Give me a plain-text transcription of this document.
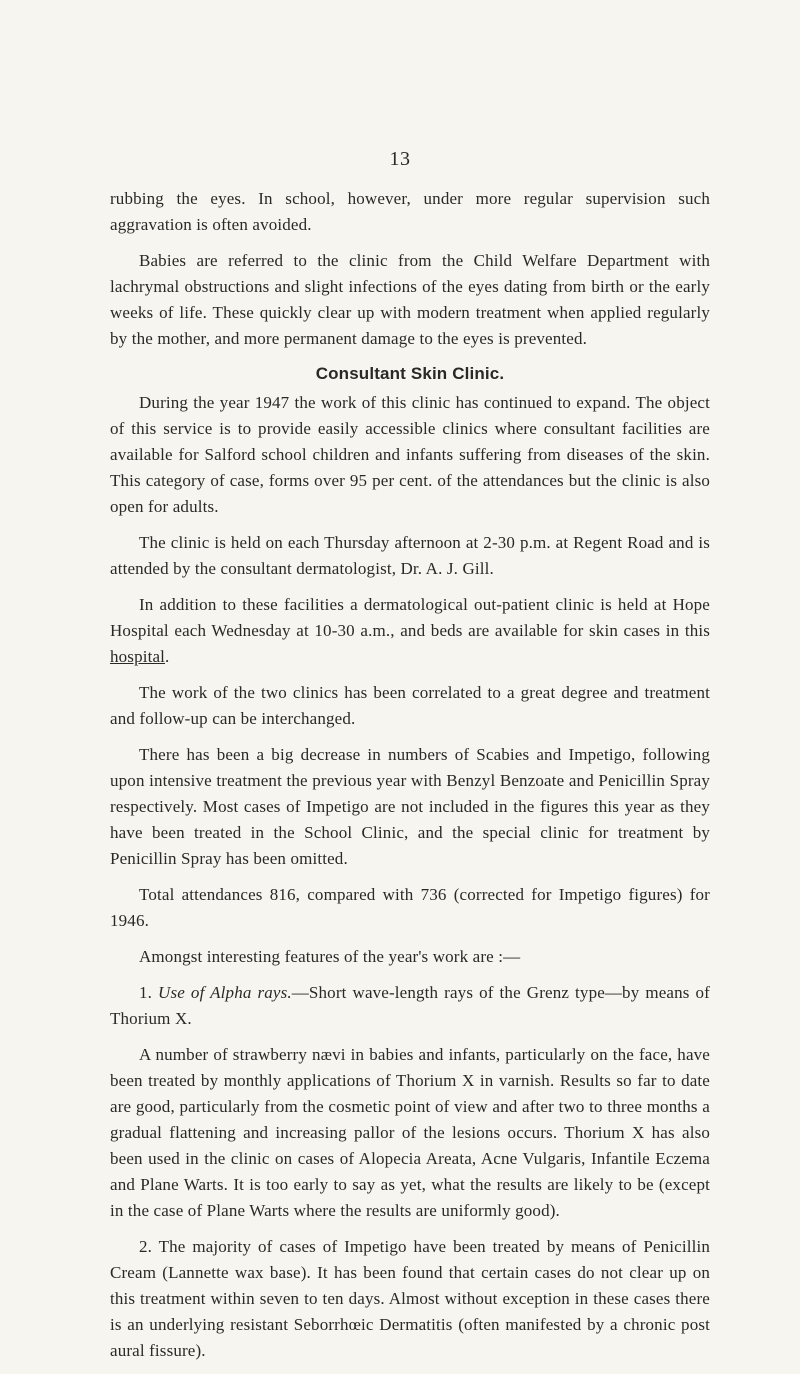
13

rubbing the eyes. In school, however, under more regular supervision such aggravation is often avoided.

Babies are referred to the clinic from the Child Welfare Department with lachrymal obstructions and slight infections of the eyes dating from birth or the early weeks of life. These quickly clear up with modern treatment when applied regularly by the mother, and more permanent damage to the eyes is prevented.

Consultant Skin Clinic.

During the year 1947 the work of this clinic has continued to expand. The object of this service is to provide easily accessible clinics where consultant facilities are available for Salford school children and infants suffering from diseases of the skin. This category of case, forms over 95 per cent. of the attendances but the clinic is also open for adults.

The clinic is held on each Thursday afternoon at 2-30 p.m. at Regent Road and is attended by the consultant dermatologist, Dr. A. J. Gill.

In addition to these facilities a dermatological out-patient clinic is held at Hope Hospital each Wednesday at 10-30 a.m., and beds are available for skin cases in this hospital.

The work of the two clinics has been correlated to a great degree and treatment and follow-up can be interchanged.

There has been a big decrease in numbers of Scabies and Impetigo, following upon intensive treatment the previous year with Benzyl Benzoate and Penicillin Spray respectively. Most cases of Impetigo are not included in the figures this year as they have been treated in the School Clinic, and the special clinic for treatment by Penicillin Spray has been omitted.

Total attendances 816, compared with 736 (corrected for Impetigo figures) for 1946.

Amongst interesting features of the year's work are :—

1. Use of Alpha rays.—Short wave-length rays of the Grenz type—by means of Thorium X.

A number of strawberry nævi in babies and infants, particularly on the face, have been treated by monthly applications of Thorium X in varnish. Results so far to date are good, particularly from the cosmetic point of view and after two to three months a gradual flattening and increasing pallor of the lesions occurs. Thorium X has also been used in the clinic on cases of Alopecia Areata, Acne Vulgaris, Infantile Eczema and Plane Warts. It is too early to say as yet, what the results are likely to be (except in the case of Plane Warts where the results are uniformly good).

2. The majority of cases of Impetigo have been treated by means of Penicillin Cream (Lannette wax base). It has been found that certain cases do not clear up on this treatment within seven to ten days. Almost without exception in these cases there is an underlying resistant Seborrhœic Dermatitis (often manifested by a chronic post aural fissure).
